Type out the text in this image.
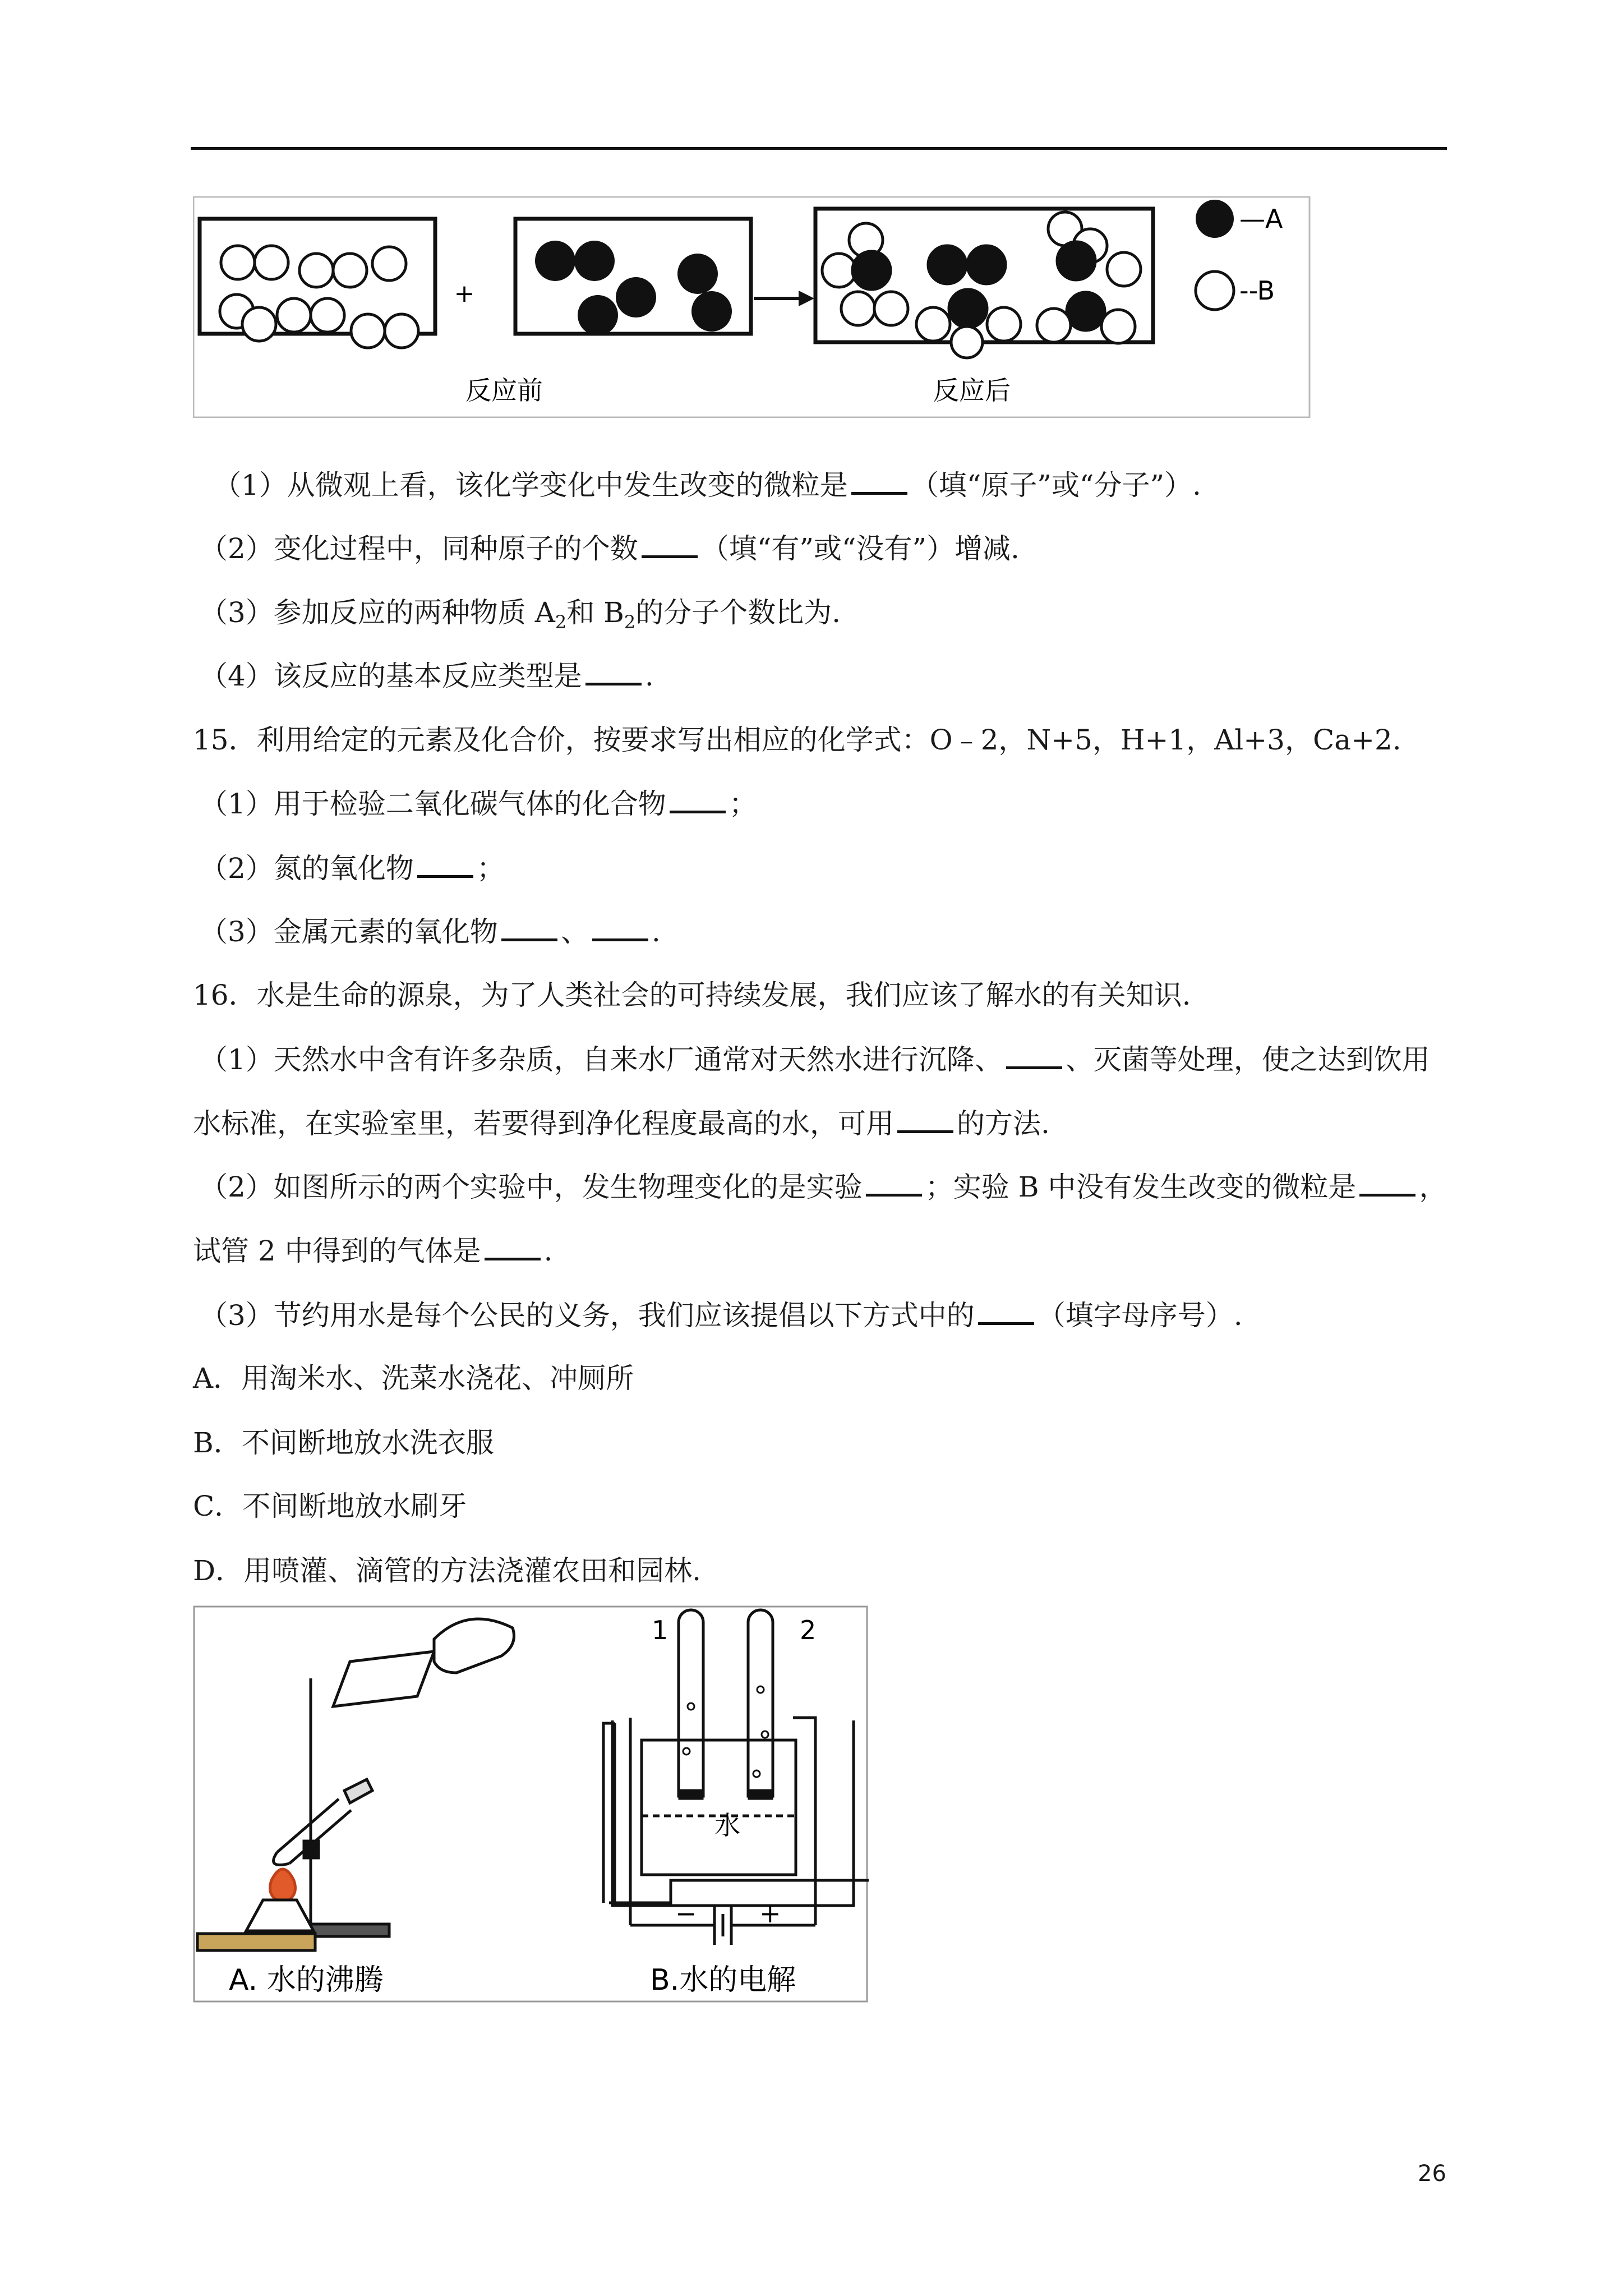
+
—A
--B
反应前	反应后
（1）从微观上看，该化学变化中发生改变的微粒是 （填“原子”或“分子”）.
（2）变化过程中，同种原子的个数 （填“有”或“没有”）增减.
（3）参加反应的两种物质 $A_2$和 $B_2$的分子个数比为.
（4）该反应的基本反应类型是 .
15．利用给定的元素及化合价，按要求写出相应的化学式：O﹣2，N+5，H+1，Al+3，Ca+2.
（1）用于检验二氧化碳气体的化合物 ；
（2）氮的氧化物 ；
（3）金属元素的氧化物 、 .
16．水是生命的源泉，为了人类社会的可持续发展，我们应该了解水的有关知识.
（1）天然水中含有许多杂质，自来水厂通常对天然水进行沉降、 、灭菌等处理，使之达到饮用
水标准，在实验室里，若要得到净化程度最高的水，可用 的方法.
（2）如图所示的两个实验中，发生物理变化的是实验 ；实验 B 中没有发生改变的微粒是 ，
试管 2 中得到的气体是 .
（3）节约用水是每个公民的义务，我们应该提倡以下方式中的 （填字母序号）.
A．用淘米水、洗菜水浇花、冲厕所
B．不间断地放水洗衣服
C．不间断地放水刷牙
D．用喷灌、滴管的方法浇灌农田和园林.
A. 水的沸腾
1	2
水
− +
B.水的电解
26
